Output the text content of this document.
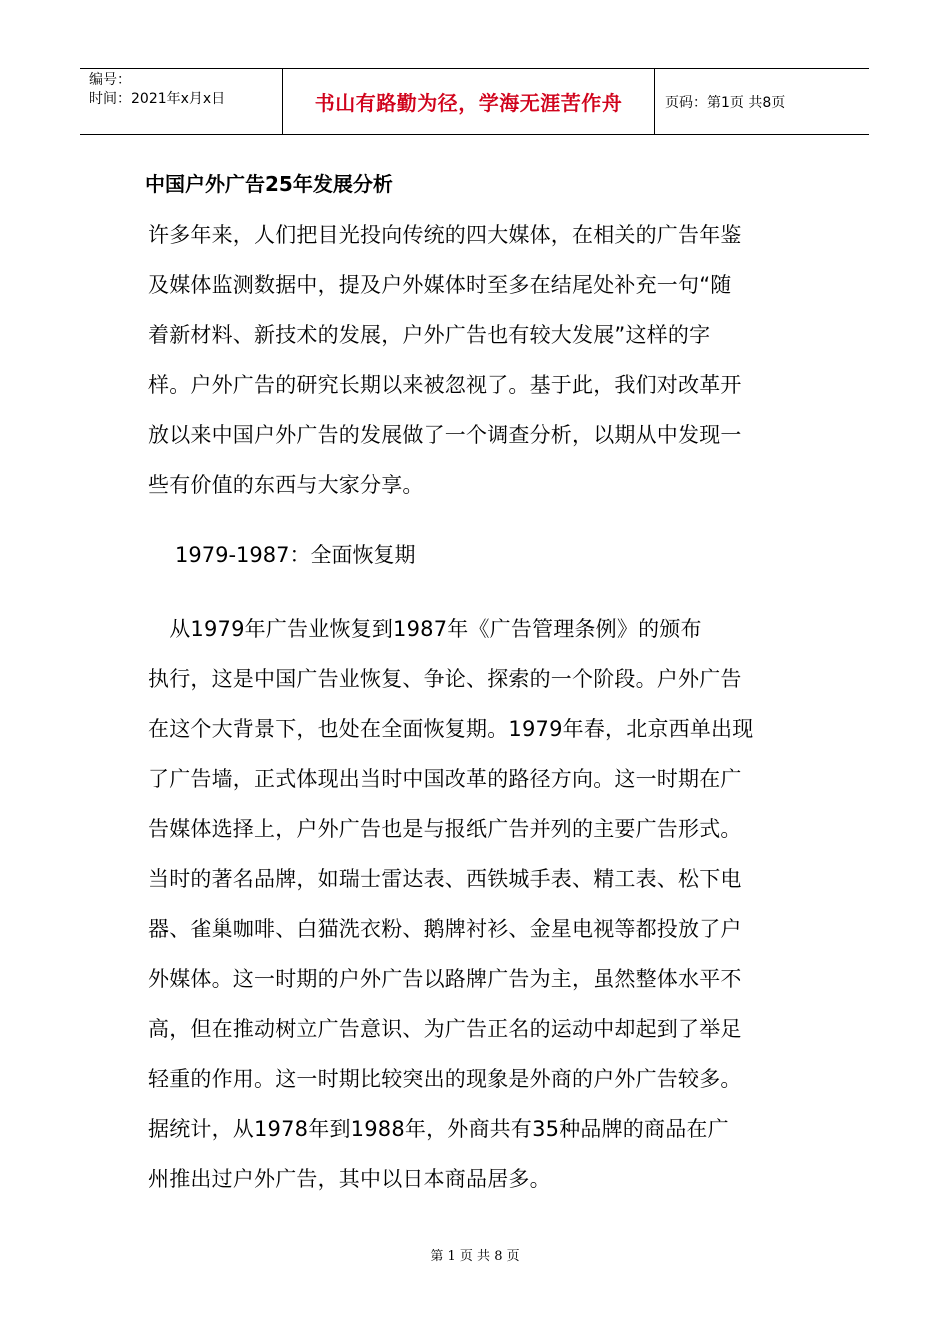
编号：
时间：2021年x月x日	书山有路勤为径，学海无涯苦作舟	页码：第1页 共8页
中国户外广告25年发展分析
许多年来，人们把目光投向传统的四大媒体，在相关的广告年鉴
及媒体监测数据中，提及户外媒体时至多在结尾处补充一句“随
着新材料、新技术的发展，户外广告也有较大发展”这样的字
样。户外广告的研究长期以来被忽视了。基于此，我们对改革开
放以来中国户外广告的发展做了一个调查分析，以期从中发现一
些有价值的东西与大家分享。
1979-1987：全面恢复期
　从1979年广告业恢复到1987年《广告管理条例》的颁布
执行，这是中国广告业恢复、争论、探索的一个阶段。户外广告
在这个大背景下，也处在全面恢复期。1979年春，北京西单出现
了广告墙，正式体现出当时中国改革的路径方向。这一时期在广
告媒体选择上，户外广告也是与报纸广告并列的主要广告形式。
当时的著名品牌，如瑞士雷达表、西铁城手表、精工表、松下电
器、雀巢咖啡、白猫洗衣粉、鹅牌衬衫、金星电视等都投放了户
外媒体。这一时期的户外广告以路牌广告为主，虽然整体水平不
高，但在推动树立广告意识、为广告正名的运动中却起到了举足
轻重的作用。这一时期比较突出的现象是外商的户外广告较多。
据统计，从1978年到1988年，外商共有35种品牌的商品在广
州推出过户外广告，其中以日本商品居多。
第 1 页 共 8 页
